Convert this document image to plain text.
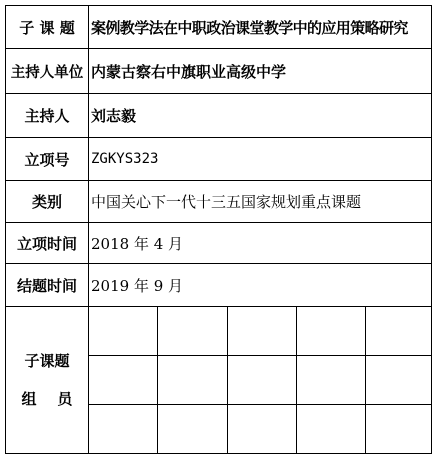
子 课 题	案例教学法在中职政治课堂教学中的应用策略研究
主持人单位 内蒙古察右中旗职业高级中学
主持人	刘志毅
立项号	ZGKYS323
类别	中国关心下一代十三五国家规划重点课题
立项时间 2018 年 4 月
结题时间 2019 年 9 月
子课题
组    员
